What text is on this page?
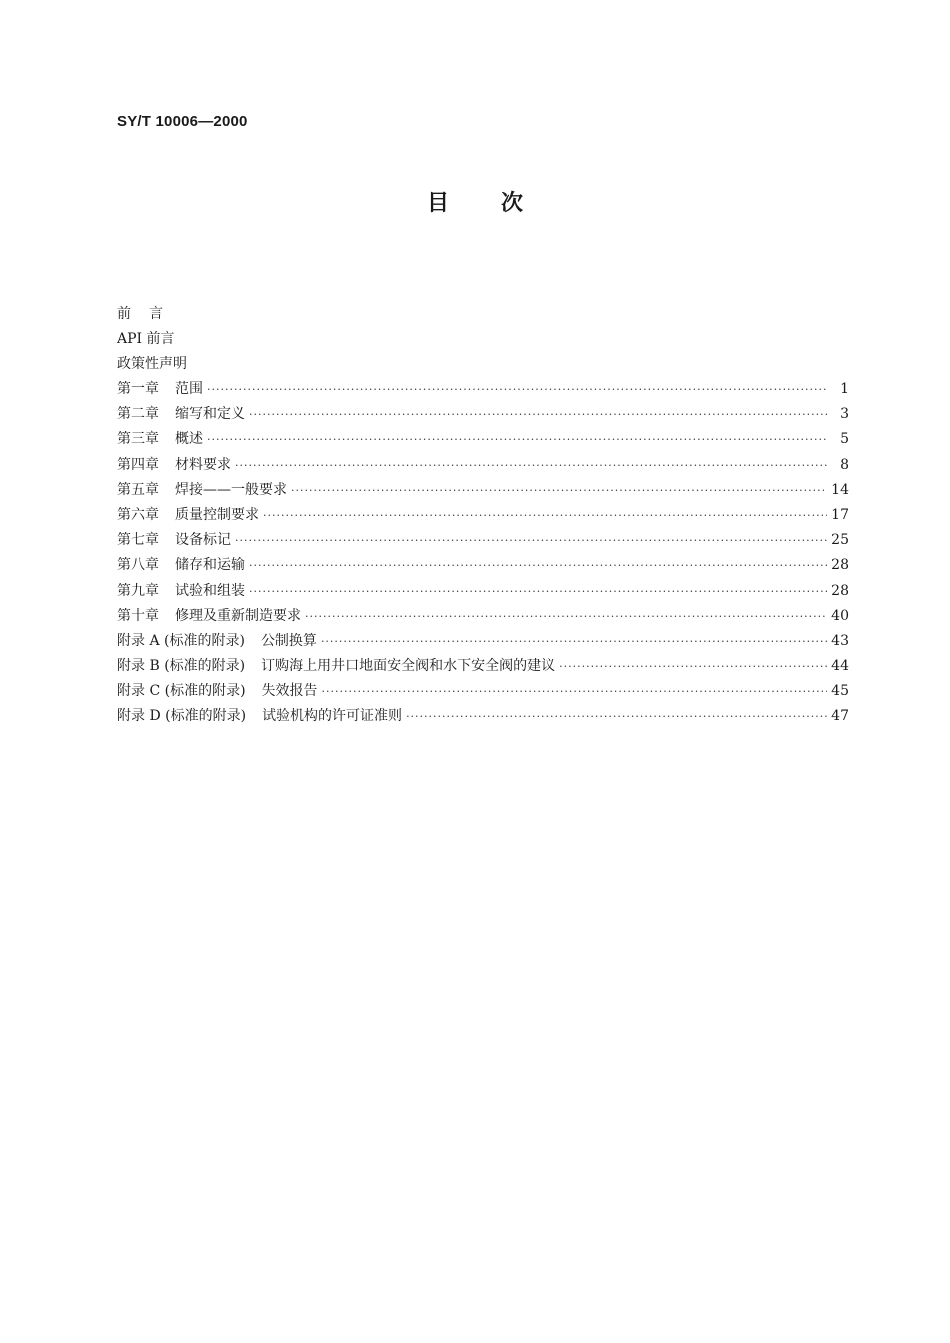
SY/T 10006—2000
目次
前言
API 前言
政策性声明
第一章 范围 ·····	1
第二章 缩写和定义 ·····	3
第三章 概述 ·····	5
第四章 材料要求 ·····	8
第五章 焊接——一般要求 ·····	14
第六章 质量控制要求 ·····	17
第七章 设备标记 ·····	25
第八章 储存和运输 ·····	28
第九章 试验和组装 ·····	28
第十章 修理及重新制造要求 ·····	40
附录 A (标准的附录) 公制换算 ·····	43
附录 B (标准的附录) 订购海上用井口地面安全阀和水下安全阀的建议 ·····	44
附录 C (标准的附录) 失效报告 ·····	45
附录 D (标准的附录) 试验机构的许可证准则 ·····	47
